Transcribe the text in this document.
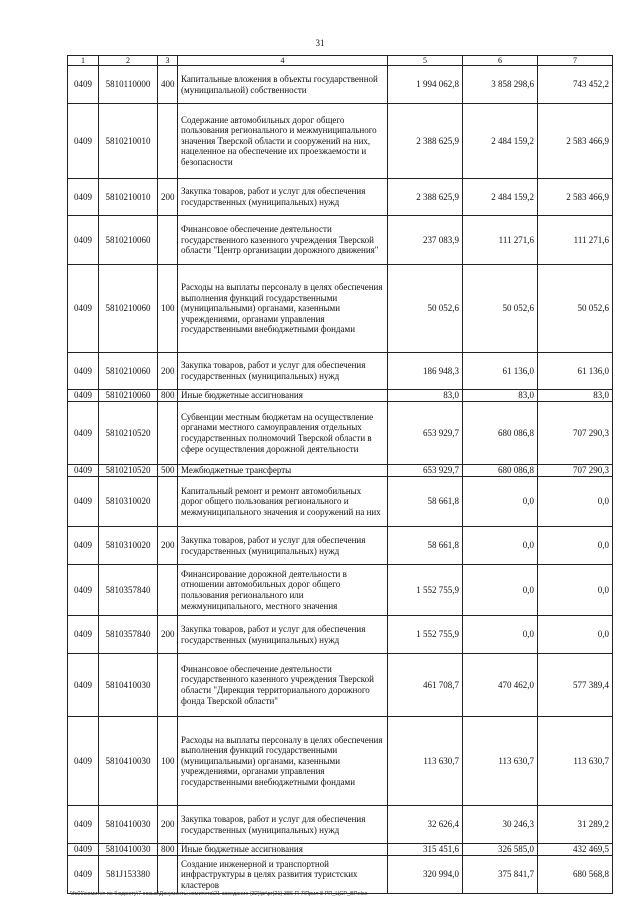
31
1	2	3	4	5	6	7
0409	5810110000	400	Капитальные вложения в объекты государственной (муниципальной) собственности	1 994 062,8	3 858 298,6	743 452,2
0409	5810210010		Содержание автомобильных дорог общего пользования регионального и межмуниципального значения Тверской области и сооружений на них, нацеленное на обеспечение их проезжаемости и безопасности	2 388 625,9	2 484 159,2	2 583 466,9
0409	5810210010	200	Закупка товаров, работ и услуг для обеспечения государственных (муниципальных) нужд	2 388 625,9	2 484 159,2	2 583 466,9
0409	5810210060		Финансовое обеспечение деятельности государственного казенного учреждения Тверской области "Центр организации дорожного движения"	237 083,9	111 271,6	111 271,6
0409	5810210060	100	Расходы на выплаты персоналу в целях обеспечения выполнения функций государственными (муниципальными) органами, казенными учреждениями, органами управления государственными внебюджетными фондами	50 052,6	50 052,6	50 052,6
0409	5810210060	200	Закупка товаров, работ и услуг для обеспечения государственных (муниципальных) нужд	186 948,3	61 136,0	61 136,0
0409	5810210060	800	Иные бюджетные ассигнования	83,0	83,0	83,0
0409	5810210520		Субвенции местным бюджетам на осуществление органами местного самоуправления отдельных государственных полномочий Тверской области в сфере осуществления дорожной деятельности	653 929,7	680 086,8	707 290,3
0409	5810210520	500	Межбюджетные трансферты	653 929,7	680 086,8	707 290,3
0409	5810310020		Капитальный ремонт и ремонт автомобильных дорог общего пользования регионального и межмуниципального значения и сооружений на них	58 661,8	0,0	0,0
0409	5810310020	200	Закупка товаров, работ и услуг для обеспечения государственных (муниципальных) нужд	58 661,8	0,0	0,0
0409	5810357840		Финансирование дорожной деятельности в отношении автомобильных дорог общего пользования регионального или межмуниципального, местного значения	1 552 755,9	0,0	0,0
0409	5810357840	200	Закупка товаров, работ и услуг для обеспечения государственных (муниципальных) нужд	1 552 755,9	0,0	0,0
0409	5810410030		Финансовое обеспечение деятельности государственного казенного учреждения Тверской области "Дирекция территориального дорожного фонда Тверской области"	461 708,7	470 462,0	577 389,4
0409	5810410030	100	Расходы на выплаты персоналу в целях обеспечения выполнения функций государственными (муниципальными) органами, казенными учреждениями, органами управления государственными внебюджетными фондами	113 630,7	113 630,7	113 630,7
0409	5810410030	200	Закупка товаров, работ и услуг для обеспечения государственных (муниципальных) нужд	32 626,4	30 246,3	31 289,2
0409	5810410030	800	Иные бюджетные ассигнования	315 451,6	326 585,0	432 469,5
0409	581J153380		Создание инженерной и транспортной инфраструктуры в целях развития туристских кластеров	320 994,0	375 841,7	680 568,8
\\fs01\комитет по бюджету\7 созыв\Документы комитета\21 заседание (32)\pr\pr(21) 386-П-7\Прил 8 РП_ЦСР_ВР.xlsx
